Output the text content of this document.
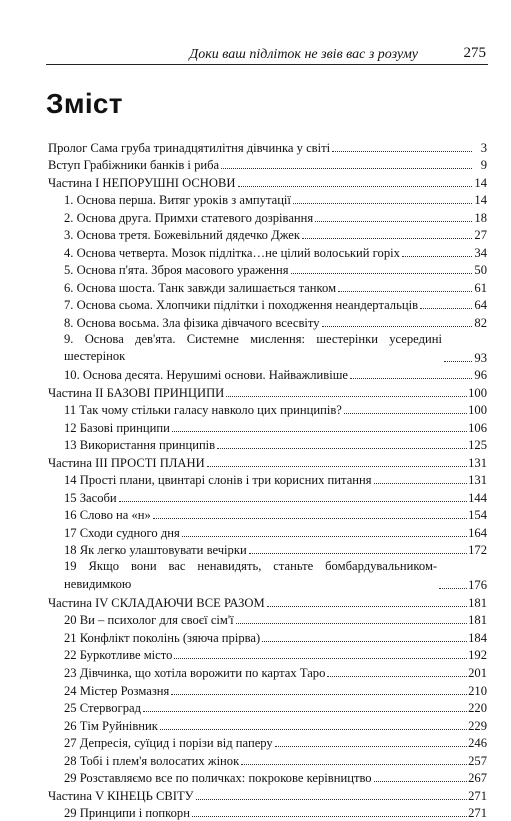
Доки ваш підліток не звів вас з розуму	275
Зміст
Пролог Сама груба тринадцятилітня дівчинка у світі	3
Вступ Грабіжники банків і риба	9
Частина І НЕПОРУШНІ ОСНОВИ	14
1. Основа перша. Витяг уроків з ампутації	14
2. Основа друга. Примхи статевого дозрівання	18
3. Основа третя. Божевільний дядечко Джек	27
4. Основа четверта. Мозок підлітка…не цілий волоський горіх	34
5. Основа п'ята. Зброя масового ураження	50
6. Основа шоста. Танк завжди залишається танком	61
7. Основа сьома. Хлопчики підлітки і походження неандертальців	64
8. Основа восьма. Зла фізика дівчачого всесвіту	82
9. Основа дев'ята. Системне мислення: шестерінки усередині шестерінок	93
10. Основа десята. Нерушимі основи. Найважливіше	96
Частина ІІ БАЗОВІ ПРИНЦИПИ	100
11 Так чому стільки галасу навколо цих принципів?	100
12 Базові принципи	106
13 Використання принципів	125
Частина ІІІ ПРОСТІ ПЛАНИ	131
14 Прості плани, цвинтарі слонів і три корисних питання	131
15 Засоби	144
16 Слово на «н»	154
17 Сходи судного дня	164
18 Як легко улаштовувати вечірки	172
19 Якщо вони вас ненавидять, станьте бомбардувальником-невидимкою	176
Частина IV СКЛАДАЮЧИ ВСЕ РАЗОМ	181
20 Ви – психолог для своєї сім'ї	181
21 Конфлікт поколінь (зяюча прірва)	184
22 Буркотливе місто	192
23 Дівчинка, що хотіла ворожити по картах Таро	201
24 Містер Розмазня	210
25 Стервоград	220
26 Тім Руйнівник	229
27 Депресія, суїцид і порізи від паперу	246
28 Тобі і плем'я волосатих жінок	257
29 Розставляємо все по поличках: покрокове керівництво	267
Частина V КІНЕЦЬ СВІТУ	271
29 Принципи і попкорн	271
